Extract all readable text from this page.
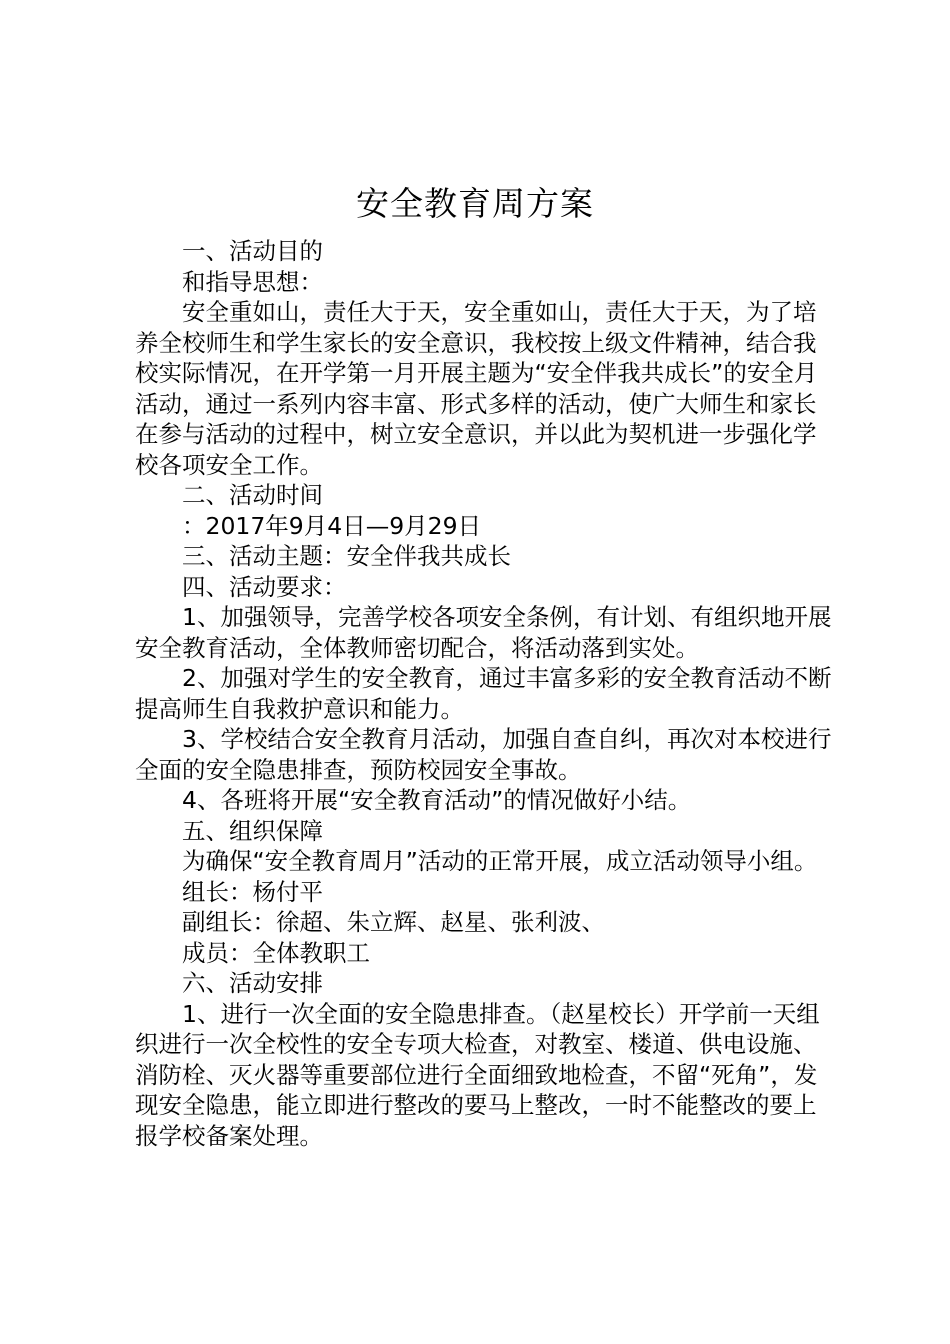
安全教育周方案

一、活动目的

和指导思想：

安全重如山，责任大于天，安全重如山，责任大于天，为了培养全校师生和学生家长的安全意识，我校按上级文件精神，结合我校实际情况，在开学第一月开展主题为“安全伴我共成长”的安全月活动，通过一系列内容丰富、形式多样的活动，使广大师生和家长在参与活动的过程中，树立安全意识，并以此为契机进一步强化学校各项安全工作。

二、活动时间

：2017年9月4日—9月29日

三、活动主题：安全伴我共成长

四、活动要求：

1、加强领导，完善学校各项安全条例，有计划、有组织地开展安全教育活动，全体教师密切配合，将活动落到实处。

2、加强对学生的安全教育，通过丰富多彩的安全教育活动不断提高师生自我救护意识和能力。

3、学校结合安全教育月活动，加强自查自纠，再次对本校进行全面的安全隐患排查，预防校园安全事故。

4、各班将开展“安全教育活动”的情况做好小结。

五、组织保障

为确保“安全教育周月”活动的正常开展，成立活动领导小组。

组长：杨付平

副组长：徐超、朱立辉、赵星、张利波、

成员：全体教职工

六、活动安排

1、进行一次全面的安全隐患排查。（赵星校长）开学前一天组织进行一次全校性的安全专项大检查，对教室、楼道、供电设施、消防栓、灭火器等重要部位进行全面细致地检查，不留“死角”，发现安全隐患，能立即进行整改的要马上整改，一时不能整改的要上报学校备案处理。
